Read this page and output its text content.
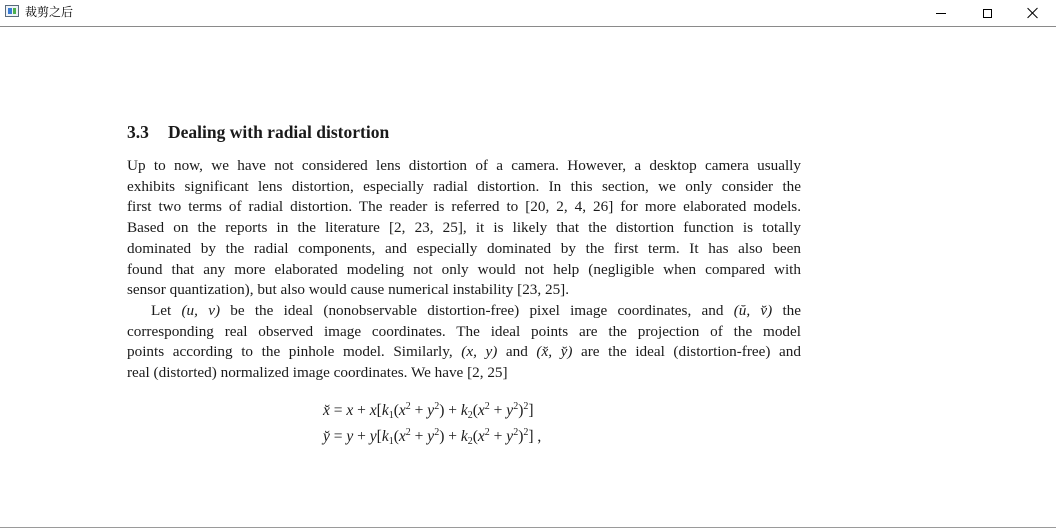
裁剪之后
3.3 Dealing with radial distortion

Up to now, we have not considered lens distortion of a camera. However, a desktop camera usually
exhibits significant lens distortion, especially radial distortion. In this section, we only consider the
first two terms of radial distortion. The reader is referred to [20, 2, 4, 26] for more elaborated models.
Based on the reports in the literature [2, 23, 25], it is likely that the distortion function is totally
dominated by the radial components, and especially dominated by the first term. It has also been
found that any more elaborated modeling not only would not help (negligible when compared with
sensor quantization), but also would cause numerical instability [23, 25].

Let (u, v) be the ideal (nonobservable distortion-free) pixel image coordinates, and (ŭ, v̆) the
corresponding real observed image coordinates. The ideal points are the projection of the model
points according to the pinhole model. Similarly, (x, y) and (x̆, y̆) are the ideal (distortion-free) and
real (distorted) normalized image coordinates. We have [2, 25]

x̆ = $x + x[k_1(x^2 + y^2) + k_2(x^2 + y^2)^2]$
y̆ = $y + y[k_1(x^2 + y^2) + k_2(x^2 + y^2)^2]$ ,
